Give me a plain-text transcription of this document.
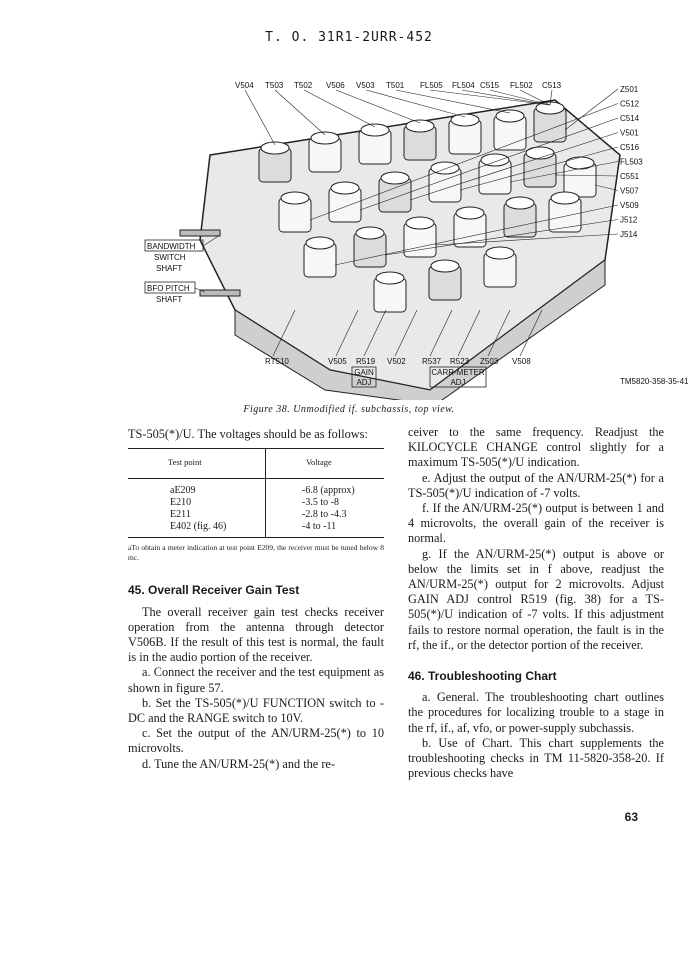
T. O. 31R1-2URR-452
V504 T503 T502 V506 V503 T501 FL505 FL504 C515 FL502 C513	Z501
C512
C514
V501
C516
FL503
C551
V507
V509
J512
J514
RT510	V505 R519 V502 R537 R523 Z503 V508
BANDWIDTH
SWITCH
SHAFT
BFO PITCH
SHAFT
GAIN
ADJ
CARR-METER
ADJ	TM5820-358-35-41
Figure 38. Unmodified if. subchassis, top view.

TS-505(*)/U. The voltages should be as follows:

Test point	Voltage
aE209	-6.8 (approx)
E210	-3.5 to -8
E211	-2.8 to -4.3
E402 (fig. 46)	-4 to -11

aTo obtain a meter indication at test point E209, the receiver must be tuned below 8 mc.

45. Overall Receiver Gain Test

The overall receiver gain test checks receiver operation from the antenna through detector V506B. If the result of this test is normal, the fault is in the audio portion of the receiver.

a. Connect the receiver and the test equipment as shown in figure 57.

b. Set the TS-505(*)/U FUNCTION switch to -DC and the RANGE switch to 10V.

c. Set the output of the AN/URM-25(*) to 10 microvolts.

d. Tune the AN/URM-25(*) and the re-

ceiver to the same frequency. Readjust the KILOCYCLE CHANGE control slightly for a maximum TS-505(*)/U indication.

e. Adjust the output of the AN/URM-25(*) for a TS-505(*)/U indication of -7 volts.

f. If the AN/URM-25(*) output is between 1 and 4 microvolts, the overall gain of the receiver is normal.

g. If the AN/URM-25(*) output is above or below the limits set in f above, readjust the AN/URM-25(*) output for 2 microvolts. Adjust GAIN ADJ control R519 (fig. 38) for a TS-505(*)/U indication of -7 volts. If this adjustment fails to restore normal operation, the fault is in the rf, the if., or the detector portion of the receiver.

46. Troubleshooting Chart

a. General. The troubleshooting chart outlines the procedures for localizing trouble to a stage in the rf, if., af, vfo, or power-supply subchassis.

b. Use of Chart. This chart supplements the troubleshooting checks in TM 11-5820-358-20. If previous checks have

63
